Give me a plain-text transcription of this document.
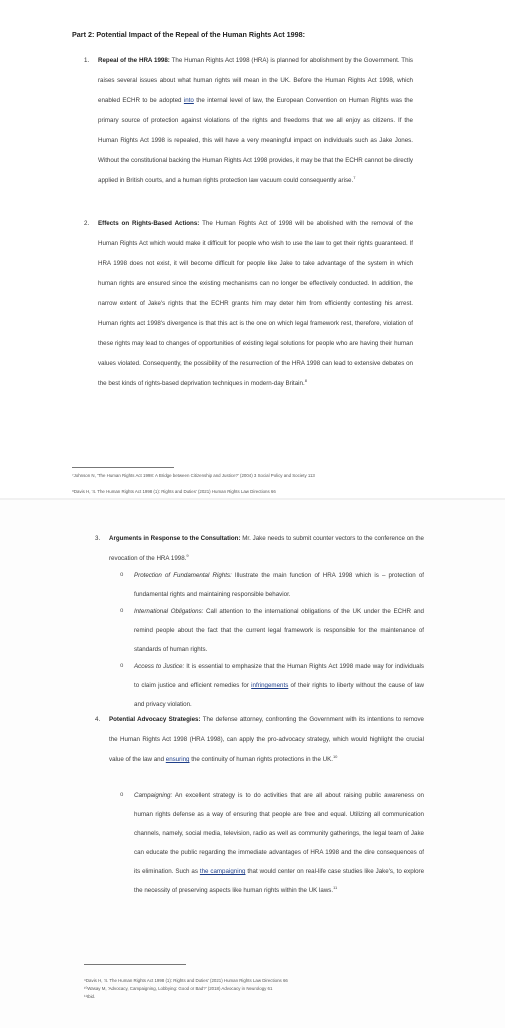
Part 2: Potential Impact of the Repeal of the Human Rights Act 1998:
1. Repeal of the HRA 1998: The Human Rights Act 1998 (HRA) is planned for abolishment by the Government. This raises several issues about what human rights will mean in the UK. Before the Human Rights Act 1998, which enabled ECHR to be adopted into the internal level of law, the European Convention on Human Rights was the primary source of protection against violations of the rights and freedoms that we all enjoy as citizens. If the Human Rights Act 1998 is repealed, this will have a very meaningful impact on individuals such as Jake Jones. Without the constitutional backing the Human Rights Act 1998 provides, it may be that the ECHR cannot be directly applied in British courts, and a human rights protection law vacuum could consequently arise.$^7$
2. Effects on Rights-Based Actions: The Human Rights Act of 1998 will be abolished with the removal of the Human Rights Act which would make it difficult for people who wish to use the law to get their rights guaranteed. If HRA 1998 does not exist, it will become difficult for people like Jake to take advantage of the system in which human rights are ensured since the existing mechanisms can no longer be effectively conducted. In addition, the narrow extent of Jake's rights that the ECHR grants him may deter him from efficiently contesting his arrest. Human rights act 1998's divergence is that this act is the one on which legal framework rest, therefore, violation of these rights may lead to changes of opportunities of existing legal solutions for people who are having their human values violated. Consequently, the possibility of the resurrection of the HRA 1998 can lead to extensive debates on the best kinds of rights-based deprivation techniques in modern-day Britain.$^8$
⁷Johnson N, 'The Human Rights Act 1998: A Bridge between Citizenship and Justice?' (2004) 3 Social Policy and Society 113
⁸Davis H, '4. The Human Rights Act 1998 (1): Rights and Duties' (2021) Human Rights Law Directions 66
3. Arguments in Response to the Consultation: Mr. Jake needs to submit counter vectors to the conference on the revocation of the HRA 1998.$^9$
o Protection of Fundamental Rights: Illustrate the main function of HRA 1998 which is – protection of fundamental rights and maintaining responsible behavior.
o International Obligations: Call attention to the international obligations of the UK under the ECHR and remind people about the fact that the current legal framework is responsible for the maintenance of standards of human rights.
o Access to Justice: It is essential to emphasize that the Human Rights Act 1998 made way for individuals to claim justice and efficient remedies for infringements of their rights to liberty without the cause of law and privacy violation.
4. Potential Advocacy Strategies: The defense attorney, confronting the Government with its intentions to remove the Human Rights Act 1998 (HRA 1998), can apply the pro-advocacy strategy, which would highlight the crucial value of the law and ensuring the continuity of human rights protections in the UK.$^{10}$
o Campaigning: An excellent strategy is to do activities that are all about raising public awareness on human rights defense as a way of ensuring that people are free and equal. Utilizing all communication channels, namely, social media, television, radio as well as community gatherings, the legal team of Jake can educate the public regarding the immediate advantages of HRA 1998 and the dire consequences of its elimination. Such as the campaigning that would center on real-life case studies like Jake's, to explore the necessity of preserving aspects like human rights within the UK laws.$^{11}$
⁹Davis H, '4. The Human Rights Act 1998 (1): Rights and Duties' (2021) Human Rights Law Directions 66
¹⁰Wasay M, 'Advocacy, Campaigning, Lobbying: Good or Bad?' (2018) Advocacy in Neurology 61
¹¹Ibid.
